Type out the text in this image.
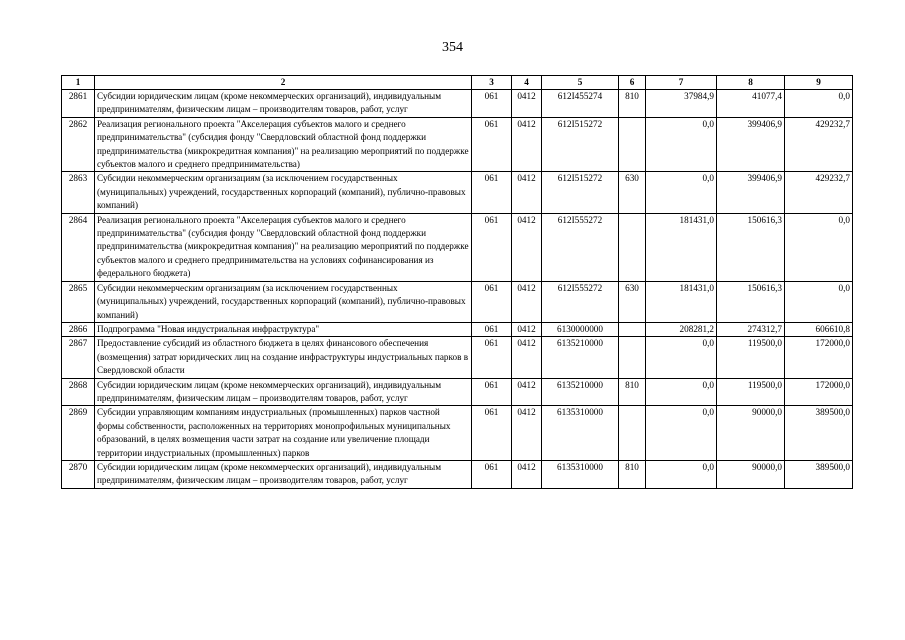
354
1	2	3	4	5	6	7	8	9
2861	Субсидии юридическим лицам (кроме некоммерческих организаций), индивидуальным предпринимателям, физическим лицам – производителям товаров, работ, услуг	061	0412	612I455274	810	37984,9	41077,4	0,0
2862	Реализация регионального проекта "Акселерация субъектов малого и среднего предпринимательства" (субсидия фонду "Свердловский областной фонд поддержки предпринимательства (микрокредитная компания)" на реализацию мероприятий по поддержке субъектов малого и среднего предпринимательства)	061	0412	612I515272		0,0	399406,9	429232,7
2863	Субсидии некоммерческим организациям (за исключением государственных (муниципальных) учреждений, государственных корпораций (компаний), публично-правовых компаний)	061	0412	612I515272	630	0,0	399406,9	429232,7
2864	Реализация регионального проекта "Акселерация субъектов малого и среднего предпринимательства" (субсидия фонду "Свердловский областной фонд поддержки предпринимательства (микрокредитная компания)" на реализацию мероприятий по поддержке субъектов малого и среднего предпринимательства на условиях софинансирования из федерального бюджета)	061	0412	612I555272		181431,0	150616,3	0,0
2865	Субсидии некоммерческим организациям (за исключением государственных (муниципальных) учреждений, государственных корпораций (компаний), публично-правовых компаний)	061	0412	612I555272	630	181431,0	150616,3	0,0
2866	Подпрограмма "Новая индустриальная инфраструктура"	061	0412	6130000000		208281,2	274312,7	606610,8
2867	Предоставление субсидий из областного бюджета в целях финансового обеспечения (возмещения) затрат юридических лиц на создание инфраструктуры индустриальных парков в Свердловской области	061	0412	6135210000		0,0	119500,0	172000,0
2868	Субсидии юридическим лицам (кроме некоммерческих организаций), индивидуальным предпринимателям, физическим лицам – производителям товаров, работ, услуг	061	0412	6135210000	810	0,0	119500,0	172000,0
2869	Субсидии управляющим компаниям индустриальных (промышленных) парков частной формы собственности, расположенных на территориях монопрофильных муниципальных образований, в целях возмещения части затрат на создание или увеличение площади территории индустриальных (промышленных) парков	061	0412	6135310000		0,0	90000,0	389500,0
2870	Субсидии юридическим лицам (кроме некоммерческих организаций), индивидуальным предпринимателям, физическим лицам – производителям товаров, работ, услуг	061	0412	6135310000	810	0,0	90000,0	389500,0
